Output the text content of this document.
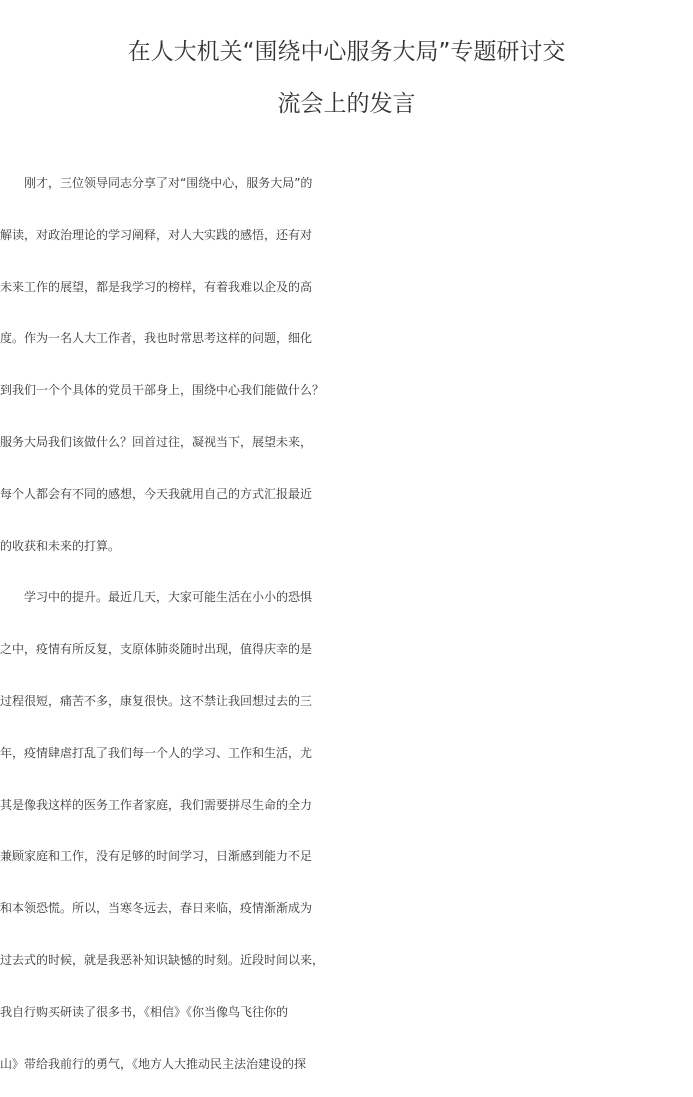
在人大机关“围绕中心服务大局”专题研讨交
流会上的发言
　　刚才，三位领导同志分享了对“围绕中心，服务大局”的
解读，对政治理论的学习阐释，对人大实践的感悟，还有对
未来工作的展望，都是我学习的榜样，有着我难以企及的高
度。作为一名人大工作者，我也时常思考这样的问题，细化
到我们一个个具体的党员干部身上，围绕中心我们能做什么？
服务大局我们该做什么？回首过往，凝视当下，展望未来，
每个人都会有不同的感想，今天我就用自己的方式汇报最近
的收获和未来的打算。
　　学习中的提升。最近几天，大家可能生活在小小的恐惧
之中，疫情有所反复，支原体肺炎随时出现，值得庆幸的是
过程很短，痛苦不多，康复很快。这不禁让我回想过去的三
年，疫情肆虐打乱了我们每一个人的学习、工作和生活，尤
其是像我这样的医务工作者家庭，我们需要拼尽生命的全力
兼顾家庭和工作，没有足够的时间学习，日渐感到能力不足
和本领恐慌。所以，当寒冬远去，春日来临，疫情渐渐成为
过去式的时候，就是我恶补知识缺憾的时刻。近段时间以来，
我自行购买研读了很多书，《相信》《你当像鸟飞往你的
山》带给我前行的勇气，《地方人大推动民主法治建设的探
